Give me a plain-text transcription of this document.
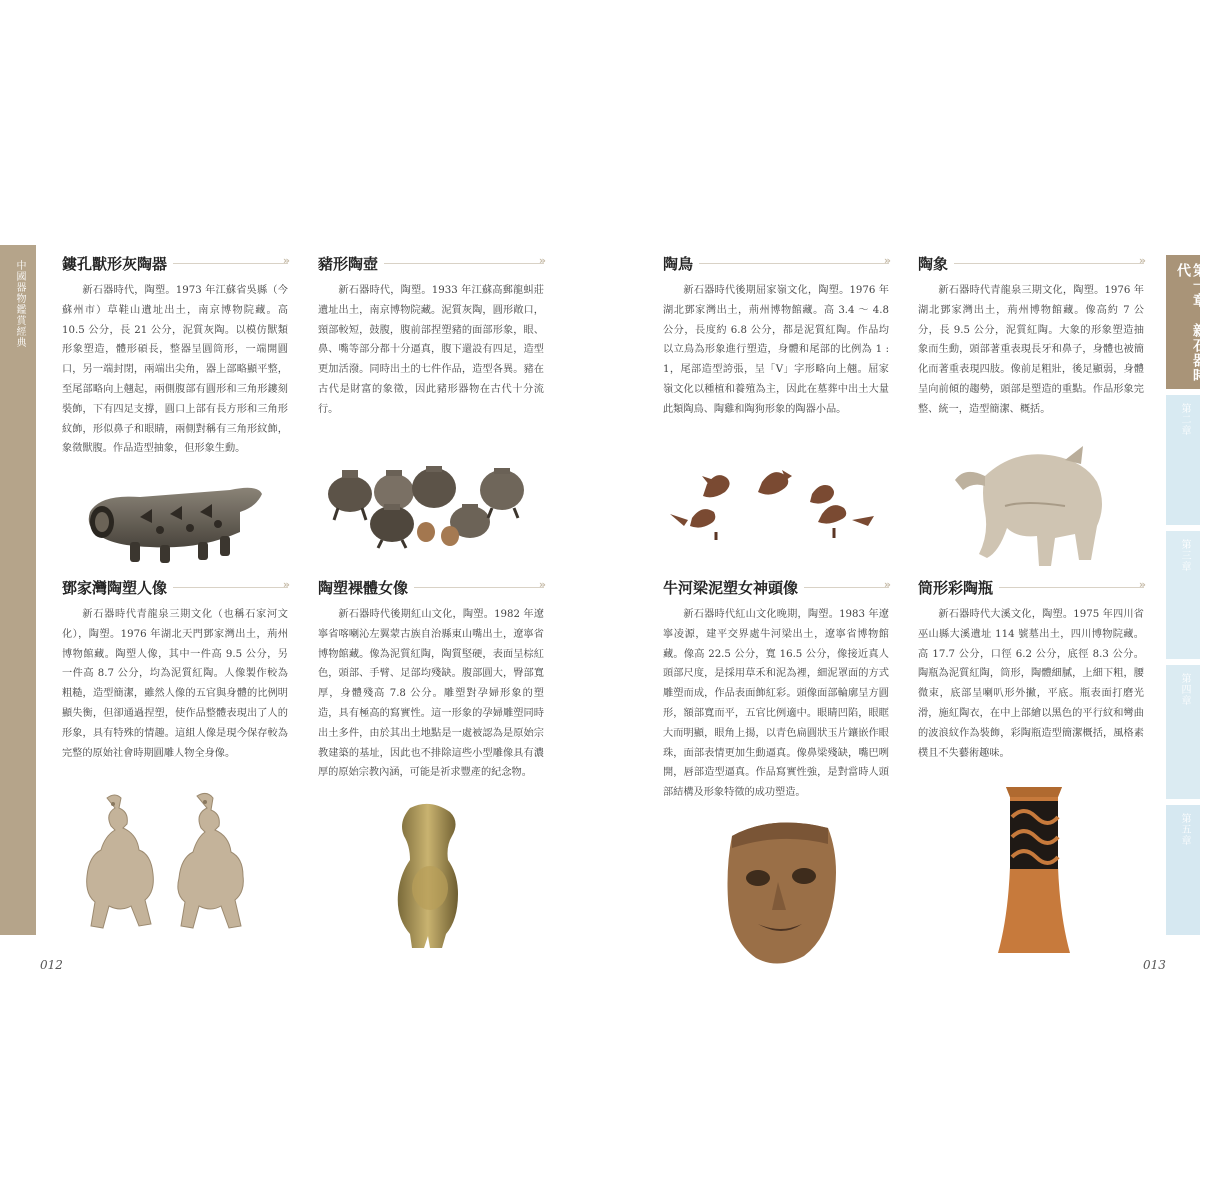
中國器物鑑賞經典	第一章：新石器時代
第二章
第三章
第四章
第五章
012	013
鏤孔獸形灰陶器
»
新石器時代，陶塑。1973 年江蘇省吳縣（今蘇州市）草鞋山遺址出土，南京博物院藏。高 10.5 公分，長 21 公分，泥質灰陶。以模仿獸類形象塑造，體形碩長，整器呈圓筒形，一端開圓口，另一端封閉，兩端出尖角，器上部略顯平整，至尾部略向上翹起，兩側腹部有圓形和三角形鏤刻裝飾，下有四足支撐，圓口上部有長方形和三角形紋飾，形似鼻子和眼睛，兩側對稱有三角形紋飾，象徵獸腹。作品造型抽象，但形象生動。
豬形陶壺
»
新石器時代，陶塑。1933 年江蘇高郵龍虯莊遺址出土，南京博物院藏。泥質灰陶，圓形敞口，頸部較短，鼓腹，腹前部捏塑豬的面部形象，眼、鼻、嘴等部分都十分逼真，腹下還設有四足，造型更加活潑。同時出土的七件作品，造型各異。豬在古代是財富的象徵，因此豬形器物在古代十分流行。
陶鳥
»
新石器時代後期屈家嶺文化，陶塑。1976 年湖北鄧家灣出土，荊州博物館藏。高 3.4 ～ 4.8 公分，長度約 6.8 公分，都是泥質紅陶。作品均以立鳥為形象進行塑造，身體和尾部的比例為 1 : 1，尾部造型誇張，呈「V」字形略向上翹。屈家嶺文化以種植和養殖為主，因此在墓葬中出土大量此類陶鳥、陶雞和陶狗形象的陶器小品。
陶象
»
新石器時代青龍泉三期文化，陶塑。1976 年湖北鄧家灣出土，荊州博物館藏。像高約 7 公分，長 9.5 公分，泥質紅陶。大象的形象塑造抽象而生動，頭部著重表現長牙和鼻子，身體也被簡化而著重表現四肢。像前足粗壯，後足顯弱，身體呈向前傾的趨勢，頭部是塑造的重點。作品形象完整、統一，造型簡潔、概括。
鄧家灣陶塑人像
»
新石器時代青龍泉三期文化（也稱石家河文化），陶塑。1976 年湖北天門鄧家灣出土，荊州博物館藏。陶塑人像，其中一件高 9.5 公分，另一件高 8.7 公分，均為泥質紅陶。人像製作較為粗糙，造型簡潔，雖然人像的五官與身體的比例明顯失衡，但卻通過捏塑，使作品整體表現出了人的形象，具有特殊的情趣。這組人像是現今保存較為完整的原始社會時期圓雕人物全身像。
陶塑裸體女像
»
新石器時代後期紅山文化，陶塑。1982 年遼寧省喀喇沁左翼蒙古族自治縣東山嘴出土，遼寧省博物館藏。像為泥質紅陶，陶質堅硬，表面呈棕紅色，頭部、手臂、足部均殘缺。腹部圓大，臀部寬厚，身體殘高 7.8 公分。雕塑對孕婦形象的塑造，具有極高的寫實性。這一形象的孕婦雕塑同時出土多件，由於其出土地點是一處被認為是原始宗教建築的基址，因此也不排除這些小型雕像具有濃厚的原始宗教內涵，可能是祈求豐產的紀念物。
牛河梁泥塑女神頭像
»
新石器時代紅山文化晚期，陶塑。1983 年遼寧凌源，建平交界處牛河梁出土，遼寧省博物館藏。像高 22.5 公分，寬 16.5 公分，像接近真人頭部尺度，是採用草禾和泥為裡，細泥罩面的方式雕塑而成，作品表面飾紅彩。頭像面部輪廓呈方圓形，額部寬而平，五官比例適中。眼睛凹陷，眼眶大而明顯，眼角上揚，以青色扁圓狀玉片鑲嵌作眼珠，面部表情更加生動逼真。像鼻梁殘缺，嘴巴咧開，唇部造型逼真。作品寫實性強，是對當時人頭部結構及形象特徵的成功塑造。
筒形彩陶瓶
»
新石器時代大溪文化，陶塑。1975 年四川省巫山縣大溪遺址 114 號墓出土，四川博物院藏。高 17.7 公分，口徑 6.2 公分，底徑 8.3 公分。陶瓶為泥質紅陶，筒形，陶體細膩，上細下粗，腰微束，底部呈喇叭形外撇，平底。瓶表面打磨光滑，施紅陶衣，在中上部繪以黑色的平行紋和彎曲的波浪紋作為裝飾，彩陶瓶造型簡潔概括，風格素樸且不失藝術趣味。
